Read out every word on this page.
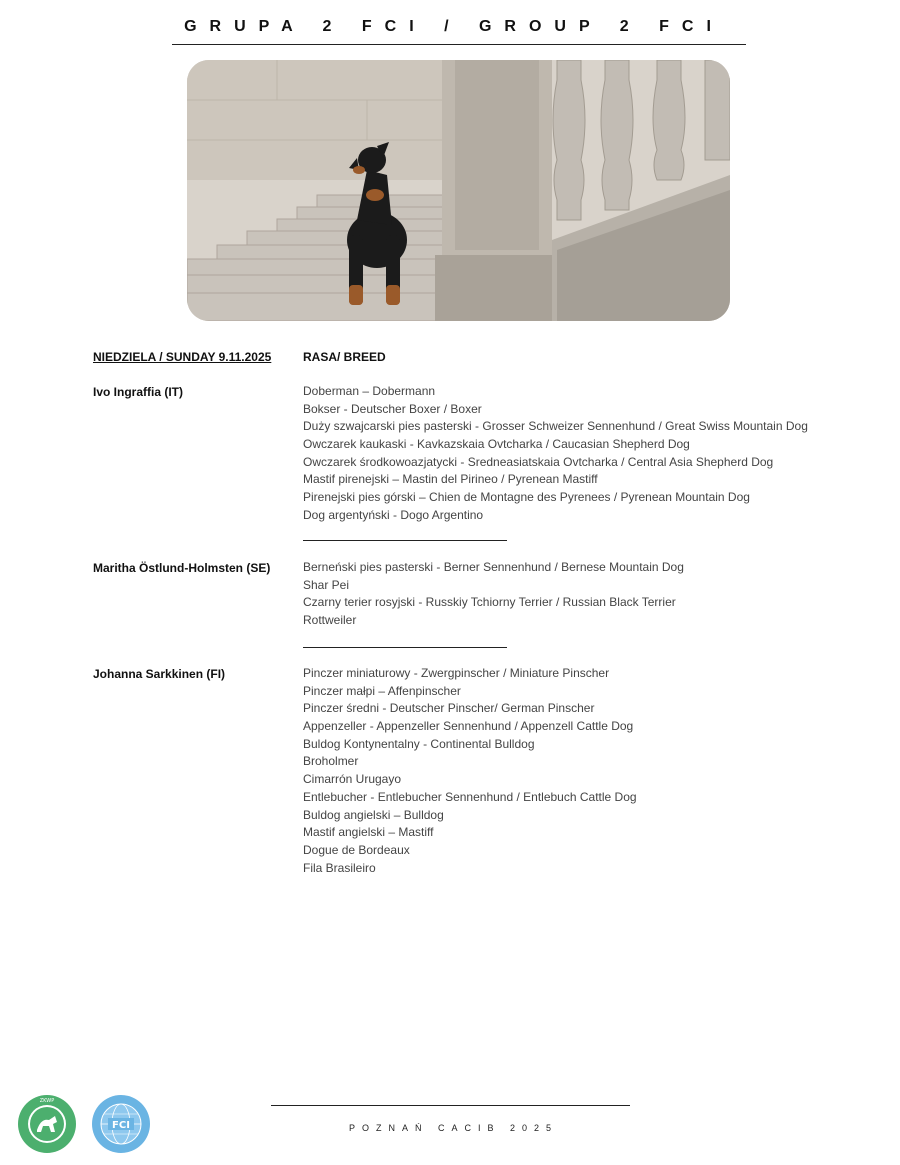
GRUPA 2 FCI / GROUP 2 FCI
NIEDZIELA / SUNDAY 9.11.2025	RASA/ BREED
Ivo Ingraffia (IT)	Doberman – Dobermann
Bokser - Deutscher Boxer / Boxer
Duży szwajcarski pies pasterski - Grosser Schweizer Sennenhund / Great Swiss Mountain Dog
Owczarek kaukaski - Kavkazskaia Ovtcharka / Caucasian Shepherd Dog
Owczarek środkowoazjatycki - Sredneasiatskaia Ovtcharka / Central Asia Shepherd Dog
Mastif pirenejski – Mastin del Pirineo / Pyrenean Mastiff
Pirenejski pies górski – Chien de Montagne des Pyrenees / Pyrenean Mountain Dog
Dog argentyński - Dogo Argentino
Maritha Östlund-Holmsten (SE)	Berneński pies pasterski - Berner Sennenhund / Bernese Mountain Dog
Shar Pei
Czarny terier rosyjski - Russkiy Tchiorny Terrier / Russian Black Terrier
Rottweiler
Johanna Sarkkinen (FI)	Pinczer miniaturowy - Zwergpinscher / Miniature Pinscher
Pinczer małpi – Affenpinscher
Pinczer średni - Deutscher Pinscher/ German Pinscher
Appenzeller - Appenzeller Sennenhund / Appenzell Cattle Dog
Buldog Kontynentalny - Continental Bulldog
Broholmer
Cimarrón Urugayo
Entlebucher - Entlebucher Sennenhund / Entlebuch Cattle Dog
Buldog angielski – Bulldog
Mastif angielski – Mastiff
Dogue de Bordeaux
Fila Brasileiro
ZKWP
FCI	POZNAŃ CACIB 2025
